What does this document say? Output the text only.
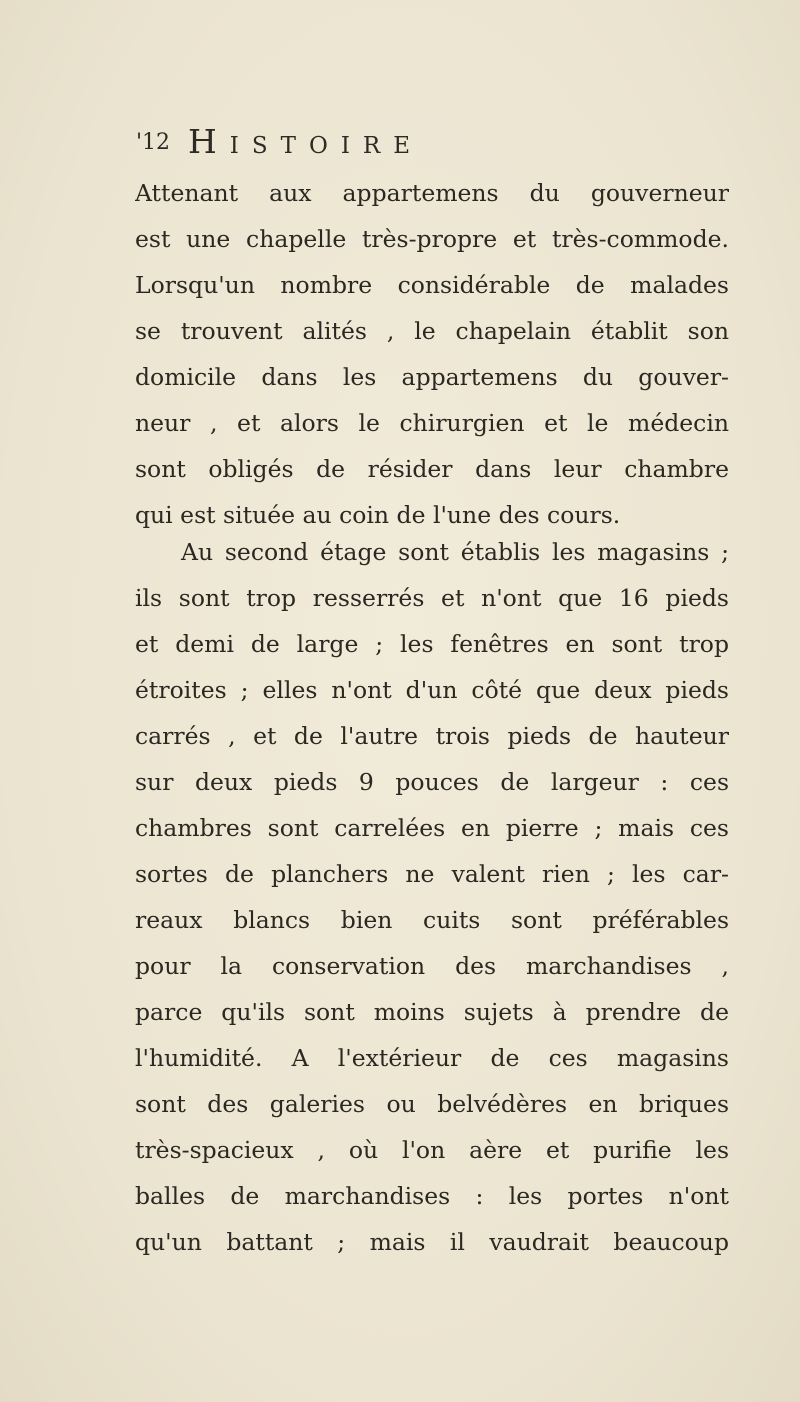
'12 Histoire
Attenant aux appartemens du gouverneur
est une chapelle très-propre et très-commode.
Lorsqu'un nombre considérable de malades
se trouvent alités , le chapelain établit son
domicile dans les appartemens du gouver-
neur , et alors le chirurgien et le médecin
sont obligés de résider dans leur chambre
qui est située au coin de l'une des cours.
Au second étage sont établis les magasins ;
ils sont trop resserrés et n'ont que 16 pieds
et demi de large ; les fenêtres en sont trop
étroites ; elles n'ont d'un côté que deux pieds
carrés , et de l'autre trois pieds de hauteur
sur deux pieds 9 pouces de largeur : ces
chambres sont carrelées en pierre ; mais ces
sortes de planchers ne valent rien ; les car-
reaux blancs bien cuits sont préférables
pour la conservation des marchandises ,
parce qu'ils sont moins sujets à prendre de
l'humidité. A l'extérieur de ces magasins
sont des galeries ou belvédères en briques
très-spacieux , où l'on aère et purifie les
balles de marchandises : les portes n'ont
qu'un battant ; mais il vaudrait beaucoup
